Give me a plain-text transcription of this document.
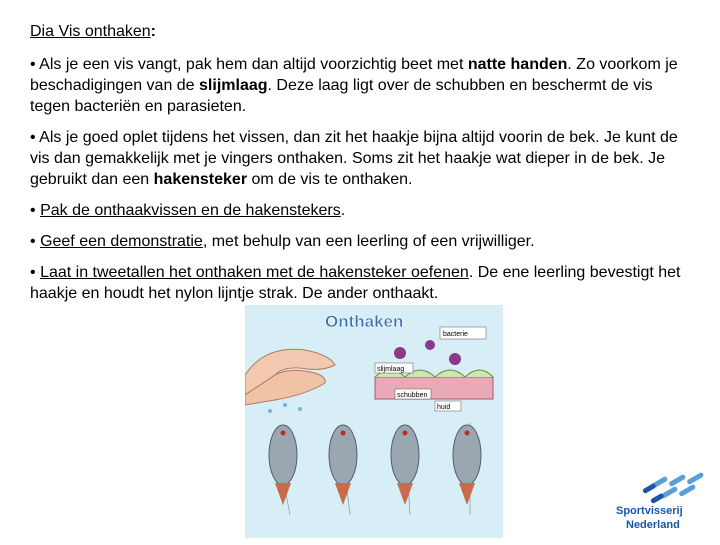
Dia Vis onthaken:
• Als je een vis vangt, pak hem dan altijd voorzichtig beet met natte handen. Zo voorkom je beschadigingen van de slijmlaag. Deze laag ligt over de schubben en beschermt de vis tegen bacteriën en parasieten.
• Als je goed oplet tijdens het vissen, dan zit het haakje bijna altijd voorin de bek. Je kunt de vis dan gemakkelijk met je vingers onthaken. Soms zit het haakje wat dieper in de bek. Je gebruikt dan een hakensteker om de vis te onthaken.
• Pak de onthaakvissen en de hakenstekers.
• Geef een demonstratie, met behulp van een leerling of een vrijwilliger.
• Laat in tweetallen het onthaken met de hakensteker oefenen. De ene leerling bevestigt het haakje en houdt het nylon lijntje strak. De ander onthaakt.
Onthaken
bacterie
slijmlaag
schubben
huid
Sportvisserij
Nederland
